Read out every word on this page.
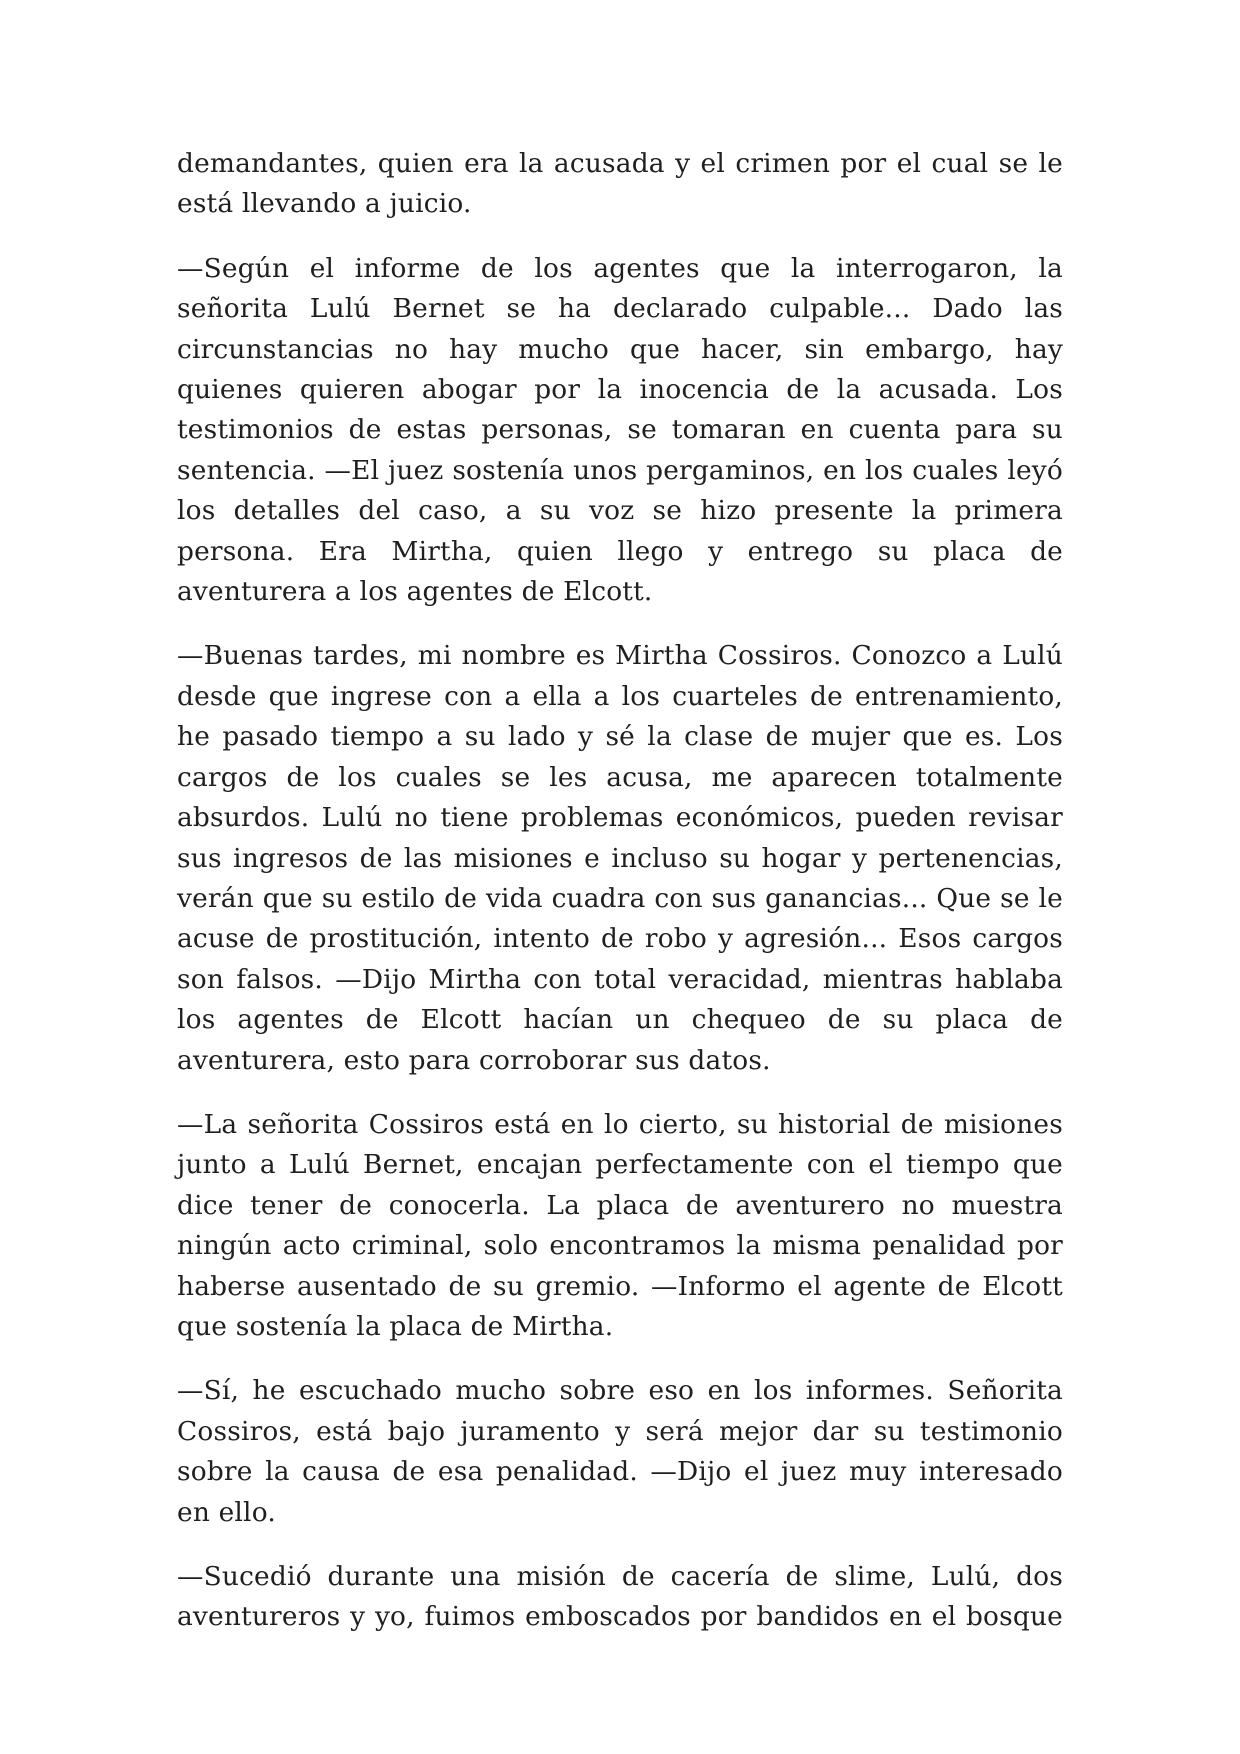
demandantes, quien era la acusada y el crimen por el cual se le está llevando a juicio.

—Según el informe de los agentes que la interrogaron, la señorita Lulú Bernet se ha declarado culpable... Dado las circunstancias no hay mucho que hacer, sin embargo, hay quienes quieren abogar por la inocencia de la acusada. Los testimonios de estas personas, se tomaran en cuenta para su sentencia. —El juez sostenía unos pergaminos, en los cuales leyó los detalles del caso, a su voz se hizo presente la primera persona. Era Mirtha, quien llego y entrego su placa de aventurera a los agentes de Elcott.

—Buenas tardes, mi nombre es Mirtha Cossiros. Conozco a Lulú desde que ingrese con a ella a los cuarteles de entrenamiento, he pasado tiempo a su lado y sé la clase de mujer que es. Los cargos de los cuales se les acusa, me aparecen totalmente absurdos. Lulú no tiene problemas económicos, pueden revisar sus ingresos de las misiones e incluso su hogar y pertenencias, verán que su estilo de vida cuadra con sus ganancias... Que se le acuse de prostitución, intento de robo y agresión... Esos cargos son falsos. —Dijo Mirtha con total veracidad, mientras hablaba los agentes de Elcott hacían un chequeo de su placa de aventurera, esto para corroborar sus datos.

—La señorita Cossiros está en lo cierto, su historial de misiones junto a Lulú Bernet, encajan perfectamente con el tiempo que dice tener de conocerla. La placa de aventurero no muestra ningún acto criminal, solo encontramos la misma penalidad por haberse ausentado de su gremio. —Informo el agente de Elcott que sostenía la placa de Mirtha.

—Sí, he escuchado mucho sobre eso en los informes. Señorita Cossiros, está bajo juramento y será mejor dar su testimonio sobre la causa de esa penalidad. —Dijo el juez muy interesado en ello.

—Sucedió durante una misión de cacería de slime, Lulú, dos aventureros y yo, fuimos emboscados por bandidos en el bosque
